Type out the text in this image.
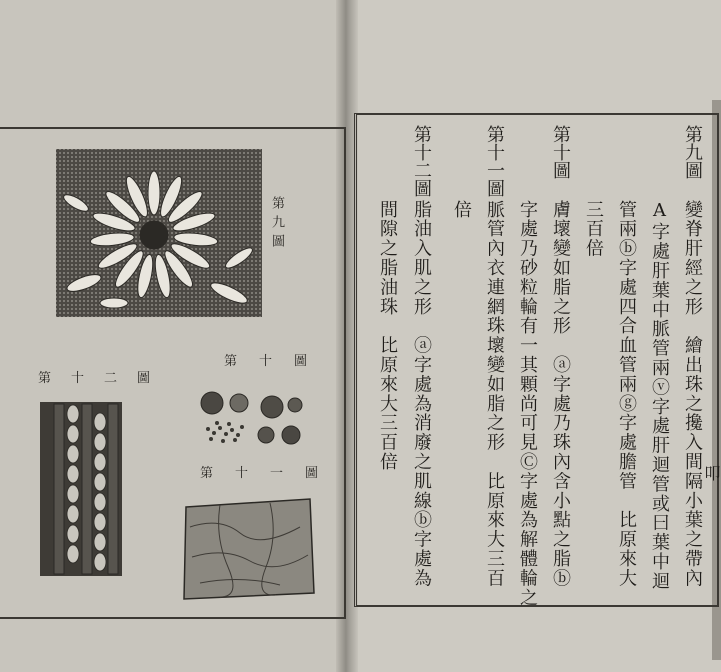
第九圖
第十圖
第十一圖
第十二圖
第九圖
變脊肝經之形　繪出珠之攙入間隔小葉之帶內
A字處肝葉中脈管兩ⓥ字處肝迴管或曰葉中迴
管兩ⓑ字處四合血管兩ⓖ字處膽管　比原來大
三百倍
第十圖
膚壞變如脂之形　ⓐ字處乃珠內含小點之脂ⓑ
字處乃砂粒輪有一其顆尚可見Ⓒ字處為解體輪之
脈管內衣連網珠壞變如脂之形　比原來大三百
倍
第十一圖
第十二圖
脂油入肌之形　ⓐ字處為消廢之肌線ⓑ字處為
間隙之脂油珠　比原來大三百倍
叩
